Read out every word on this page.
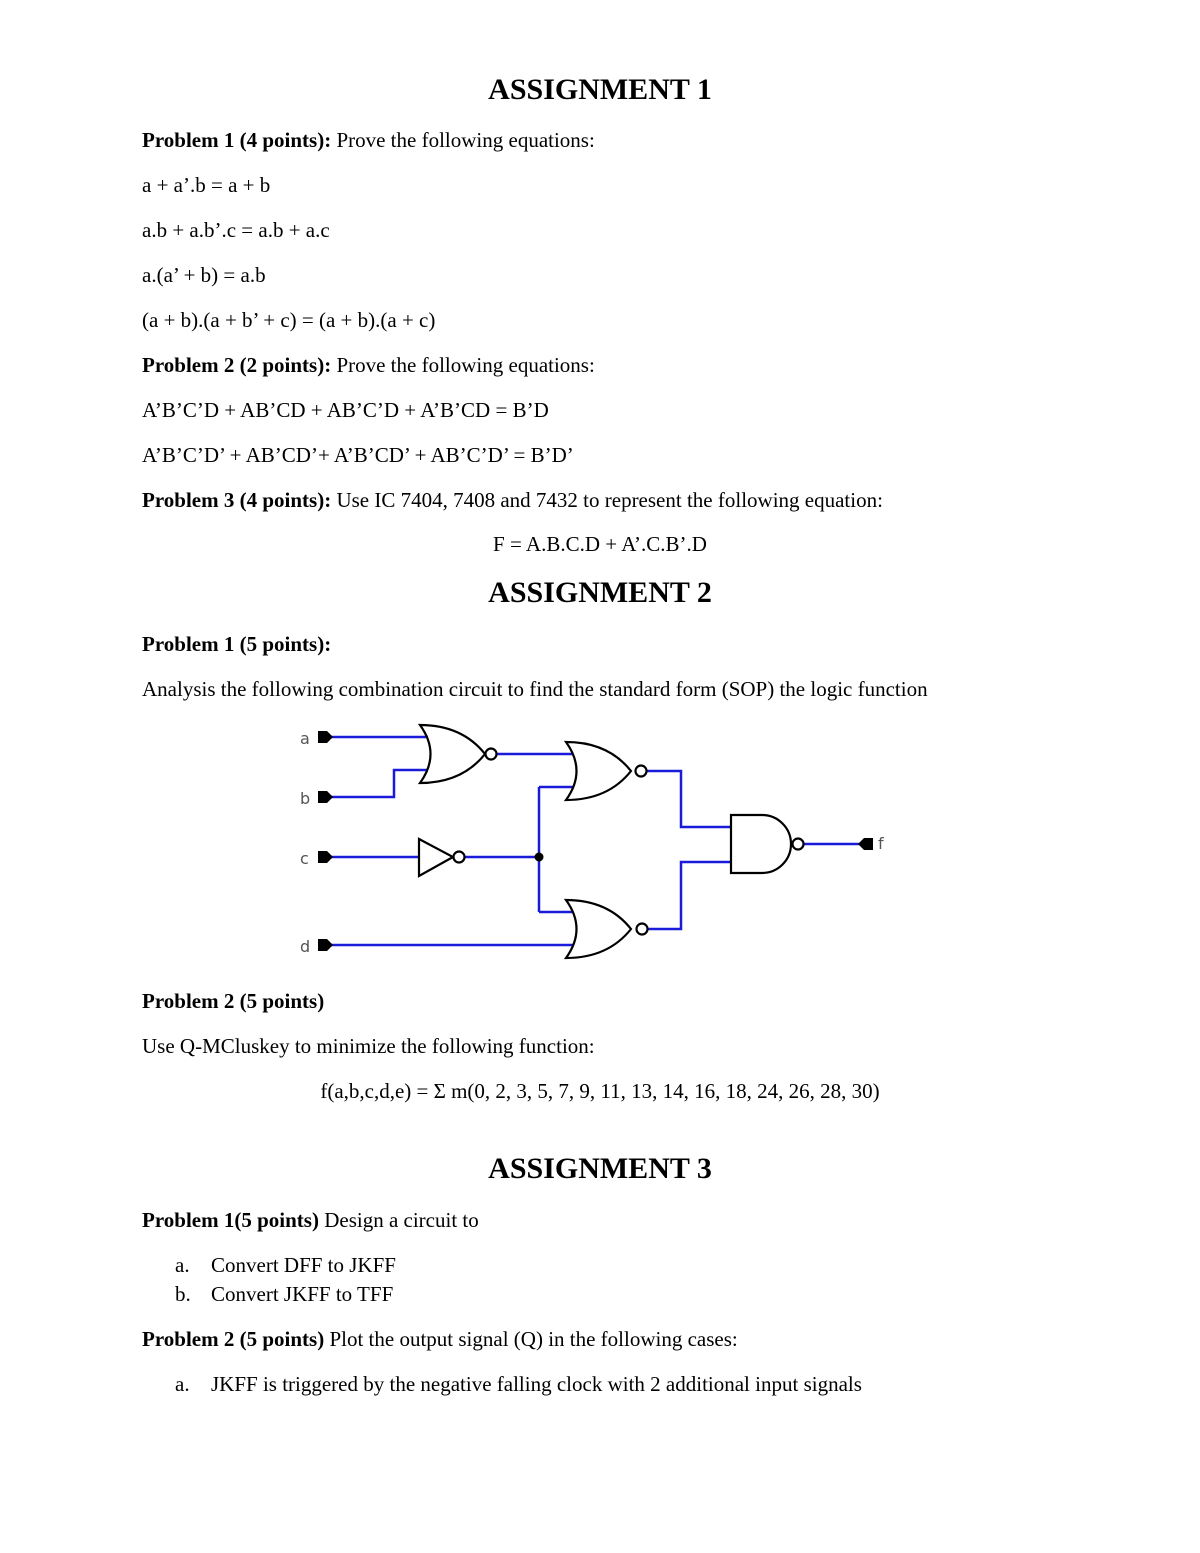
ASSIGNMENT 1
Problem 1 (4 points): Prove the following equations:
a + a’.b = a + b
a.b + a.b’.c = a.b + a.c
a.(a’ + b) = a.b
(a + b).(a + b’ + c) = (a + b).(a + c)
Problem 2 (2 points): Prove the following equations:
A’B’C’D + AB’CD + AB’C’D + A’B’CD = B’D
A’B’C’D’ + AB’CD’+ A’B’CD’ + AB’C’D’ = B’D’
Problem 3 (4 points): Use IC 7404, 7408 and 7432 to represent the following equation:
F = A.B.C.D + A’.C.B’.D
ASSIGNMENT 2
Problem 1 (5 points):
Analysis the following combination circuit to find the standard form (SOP) the logic function
a
b
c
d
f
Problem 2 (5 points)
Use Q-MCluskey to minimize the following function:
f(a,b,c,d,e) = Σ m(0, 2, 3, 5, 7, 9, 11, 13, 14, 16, 18, 24, 26, 28, 30)
ASSIGNMENT 3
Problem 1(5 points) Design a circuit to
a. Convert DFF to JKFF
b. Convert JKFF to TFF
Problem 2 (5 points) Plot the output signal (Q) in the following cases:
a. JKFF is triggered by the negative falling clock with 2 additional input signals
